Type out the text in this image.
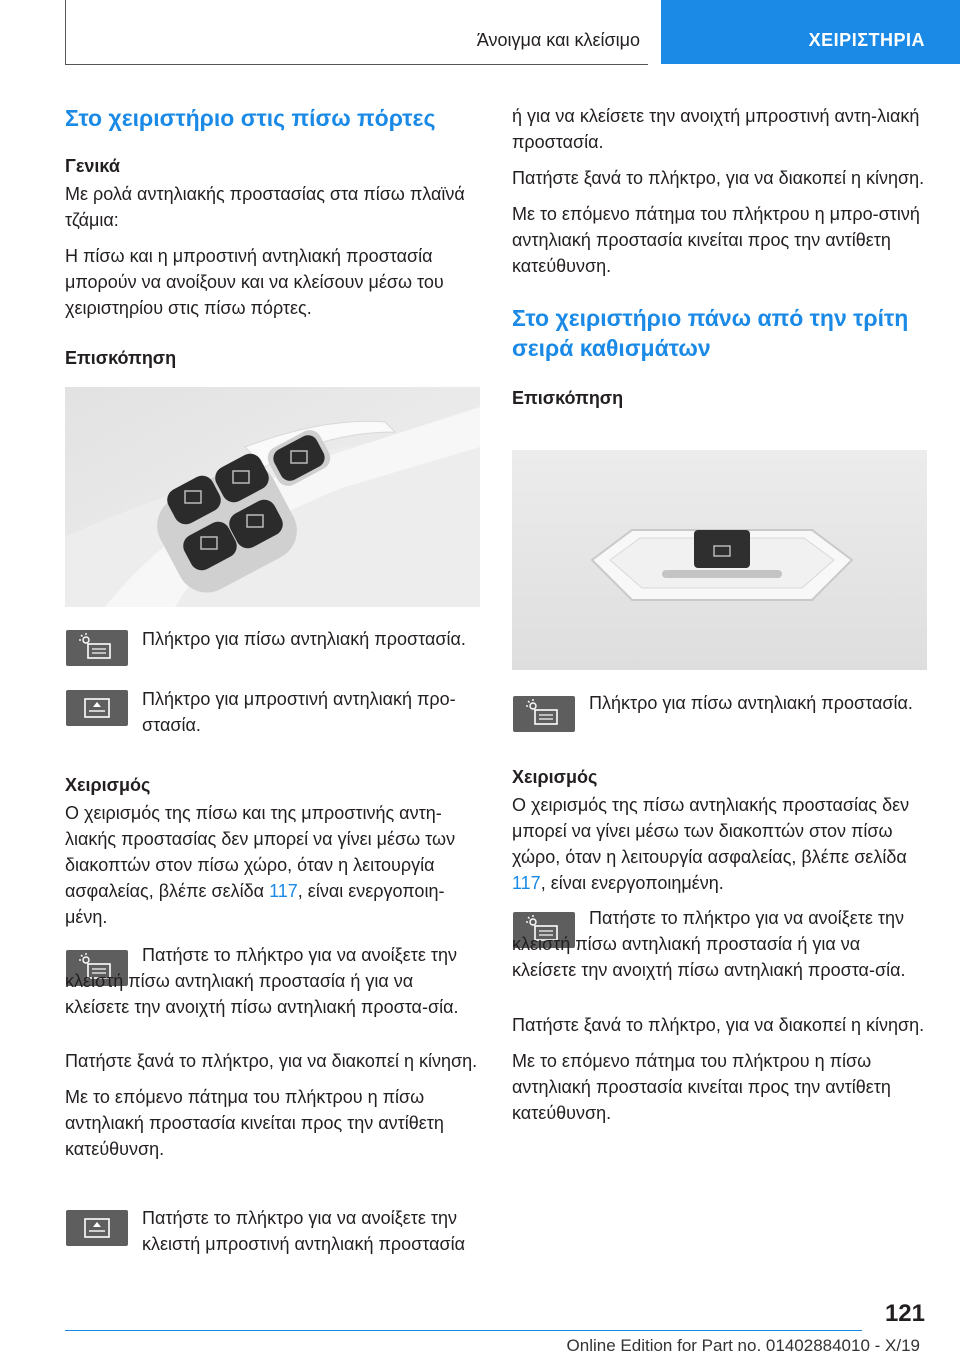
Άνοιγμα και κλείσιμο	ΧΕΙΡΙΣΤΗΡΙΑ
Στο χειριστήριο στις πίσω πόρτες
Γενικά

Με ρολά αντηλιακής προστασίας στα πίσω πλαϊνά τζάμια:

Η πίσω και η μπροστινή αντηλιακή προστασία μπορούν να ανοίξουν και να κλείσουν μέσω του χειριστηρίου στις πίσω πόρτες.

Επισκόπηση
Πλήκτρο για πίσω αντηλιακή προστασία.
Πλήκτρο για μπροστινή αντηλιακή προ-στασία.
Χειρισμός

Ο χειρισμός της πίσω και της μπροστινής αντη-λιακής προστασίας δεν μπορεί να γίνει μέσω των διακοπτών στον πίσω χώρο, όταν η λειτουργία ασφαλείας, βλέπε σελίδα 117, είναι ενεργοποιη-μένη.

Πατήστε το πλήκτρο για να ανοίξετε την κλειστή πίσω αντηλιακή προστασία ή για να κλείσετε την ανοιχτή πίσω αντηλιακή προστα-σία.

Πατήστε ξανά το πλήκτρο, για να διακοπεί η κίνηση.

Με το επόμενο πάτημα του πλήκτρου η πίσω αντηλιακή προστασία κινείται προς την αντίθετη κατεύθυνση.

Πατήστε το πλήκτρο για να ανοίξετε την κλειστή μπροστινή αντηλιακή προστασία

ή για να κλείσετε την ανοιχτή μπροστινή αντη-λιακή προστασία.

Πατήστε ξανά το πλήκτρο, για να διακοπεί η κίνηση.

Με το επόμενο πάτημα του πλήκτρου η μπρο-στινή αντηλιακή προστασία κινείται προς την αντίθετη κατεύθυνση.

Στο χειριστήριο πάνω από την τρίτη σειρά καθισμάτων
Επισκόπηση
Πλήκτρο για πίσω αντηλιακή προστασία.
Χειρισμός

Ο χειρισμός της πίσω αντηλιακής προστασίας δεν μπορεί να γίνει μέσω των διακοπτών στον πίσω χώρο, όταν η λειτουργία ασφαλείας, βλέπε σελίδα 117, είναι ενεργοποιημένη.

Πατήστε το πλήκτρο για να ανοίξετε την κλειστή πίσω αντηλιακή προστασία ή για να κλείσετε την ανοιχτή πίσω αντηλιακή προστα-σία.

Πατήστε ξανά το πλήκτρο, για να διακοπεί η κίνηση.

Με το επόμενο πάτημα του πλήκτρου η πίσω αντηλιακή προστασία κινείται προς την αντίθετη κατεύθυνση.

121
Online Edition for Part no. 01402884010 - X/19
